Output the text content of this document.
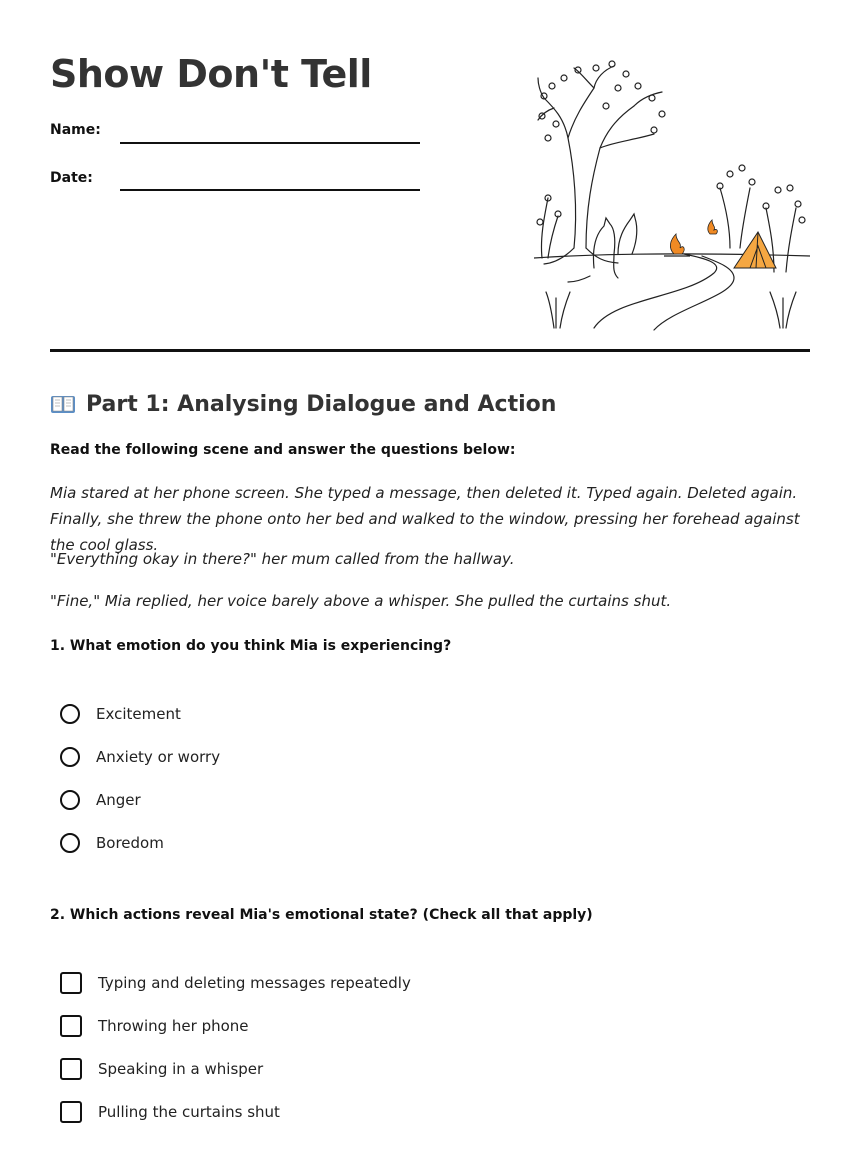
Show Don't Tell
Name:
Date:
Part 1: Analysing Dialogue and Action
Read the following scene and answer the questions below:

Mia stared at her phone screen. She typed a message, then deleted it. Typed again. Deleted again. Finally, she threw the phone onto her bed and walked to the window, pressing her forehead against the cool glass.

"Everything okay in there?" her mum called from the hallway.

"Fine," Mia replied, her voice barely above a whisper. She pulled the curtains shut.

1. What emotion do you think Mia is experiencing?
Excitement
Anxiety or worry
Anger
Boredom
2. Which actions reveal Mia's emotional state? (Check all that apply)
Typing and deleting messages repeatedly
Throwing her phone
Speaking in a whisper
Pulling the curtains shut
